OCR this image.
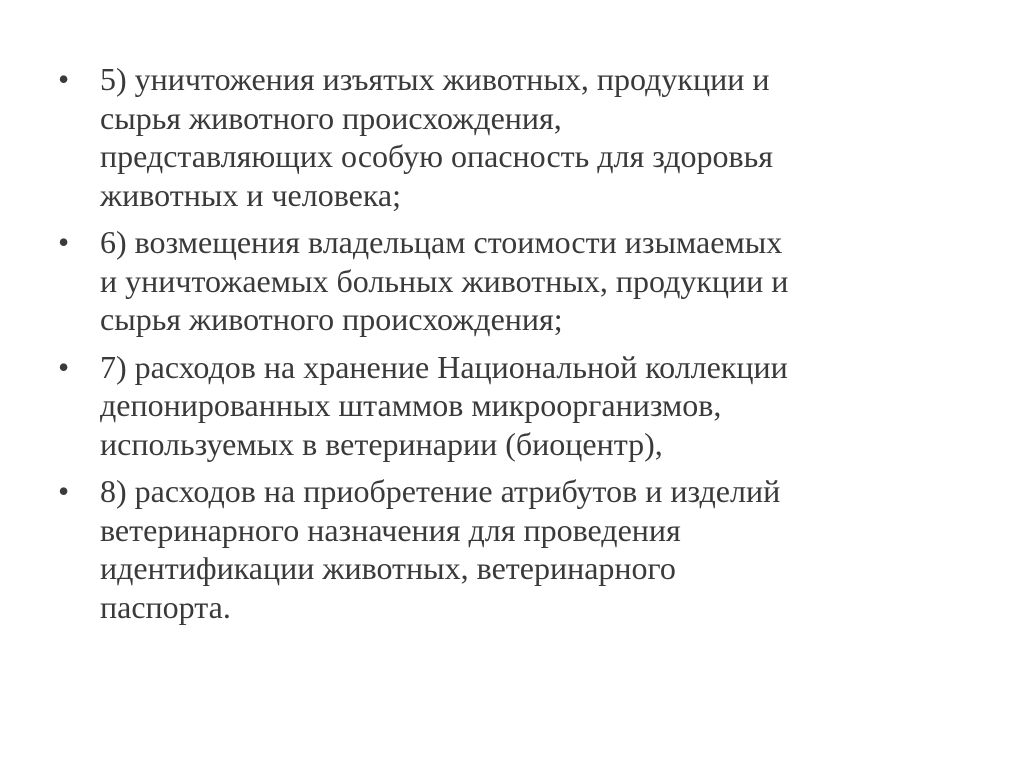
• 5) уничтожения изъятых животных, продукции и
сырья животного происхождения,
представляющих особую опасность для здоровья
животных и человека;
• 6) возмещения владельцам стоимости изымаемых
и уничтожаемых больных животных, продукции и
сырья животного происхождения;
• 7) расходов на хранение Национальной коллекции
депонированных штаммов микроорганизмов,
используемых в ветеринарии (биоцентр),
• 8) расходов на приобретение атрибутов и изделий
ветеринарного назначения для проведения
идентификации животных, ветеринарного
паспорта.
